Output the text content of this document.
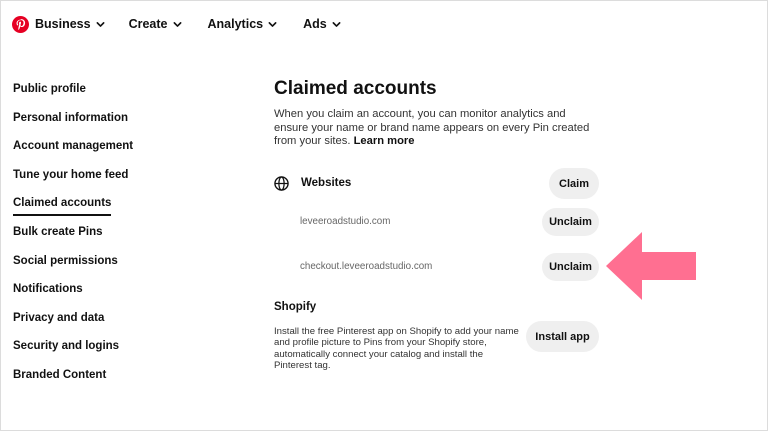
Business	Create	Analytics	Ads
Public profile
Personal information
Account management
Tune your home feed
Claimed accounts
Bulk create Pins
Social permissions
Notifications
Privacy and data
Security and logins
Branded Content
Claimed accounts

When you claim an account, you can monitor analytics and ensure your name or brand name appears on every Pin created from your sites. Learn more

Websites	Claim
leveeroadstudio.com	Unclaim
checkout.leveeroadstudio.com	Unclaim
Shopify
Install the free Pinterest app on Shopify to add your name and profile picture to Pins from your Shopify store, automatically connect your catalog and install the Pinterest tag.
Install app
